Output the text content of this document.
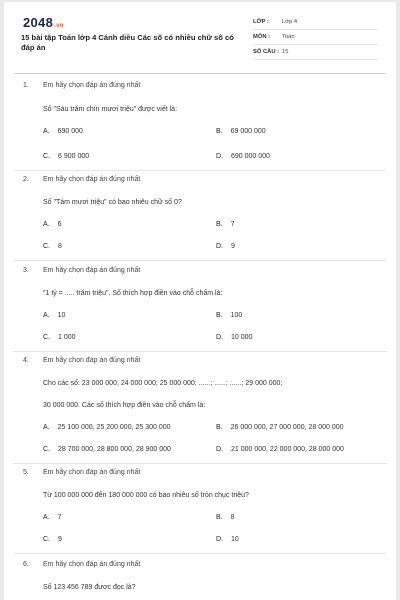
2048.vn
15 bài tập Toán lớp 4 Cánh diều Các số có nhiều chữ số có đáp án
LỚP :	Lớp 4
MÔN :	Toán
SỐ CÂU : 15
1. Em hãy chọn đáp án đúng nhất
Số "Sáu trăm chín mươi triệu" được viết là:
A. 690 000	B. 69 000 000
C. 6 900 000	D. 690 000 000
2. Em hãy chọn đáp án đúng nhất
Số "Tám mươi triệu" có bao nhiêu chữ số 0?
A. 6	B. 7
C. 8	D. 9
3. Em hãy chọn đáp án đúng nhất
"1 tỷ = ..... trăm triệu". Số thích hợp điền vào chỗ chấm là:
A. 10	B. 100
C. 1 000	D. 10 000
4. Em hãy chọn đáp án đúng nhất
Cho các số: 23 000 000; 24 000 000; 25 000 000; ......; ......; ......; 29 000 000;
30 000 000. Các số thích hợp điền vào chỗ chấm là:
A. 25 100 000, 25 200 000, 25 300 000	B. 26 000 000, 27 000 000, 28 000 000
C. 28 700 000, 28 800 000, 28 900 000	D. 21 000 000, 22 000 000, 28 000 000
5. Em hãy chọn đáp án đúng nhất
Từ 100 000 000 đến 180 000 000 có bao nhiêu số tròn chục triệu?
A. 7	B. 8
C. 9	D. 10
6. Em hãy chọn đáp án đúng nhất
Số 123 456 789 được đọc là?
